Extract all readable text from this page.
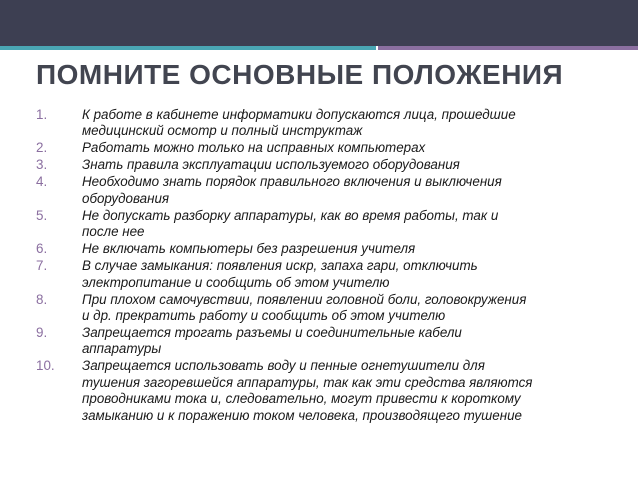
ПОМНИТЕ ОСНОВНЫЕ ПОЛОЖЕНИЯ
1.	К работе в кабинете информатики допускаются лица, прошедшие
медицинский осмотр и полный инструктаж
2.	Работать можно только на исправных компьютерах
3.	Знать правила эксплуатации используемого оборудования
4.	Необходимо знать порядок правильного включения и выключения
оборудования
5.	Не допускать разборку аппаратуры, как во время работы, так и
после нее
6.	Не включать компьютеры без разрешения учителя
7.	В случае замыкания: появления искр, запаха гари, отключить
электропитание и сообщить об этом учителю
8.	При плохом самочувствии, появлении головной боли, головокружения
и др. прекратить работу и сообщить об этом учителю
9.	Запрещается трогать разъемы и соединительные кабели
аппаратуры
10.	Запрещается использовать воду и пенные огнетушители для
тушения загоревшейся аппаратуры, так как эти средства являются
проводниками тока и, следовательно, могут привести к короткому
замыканию и к поражению током человека, производящего тушение
